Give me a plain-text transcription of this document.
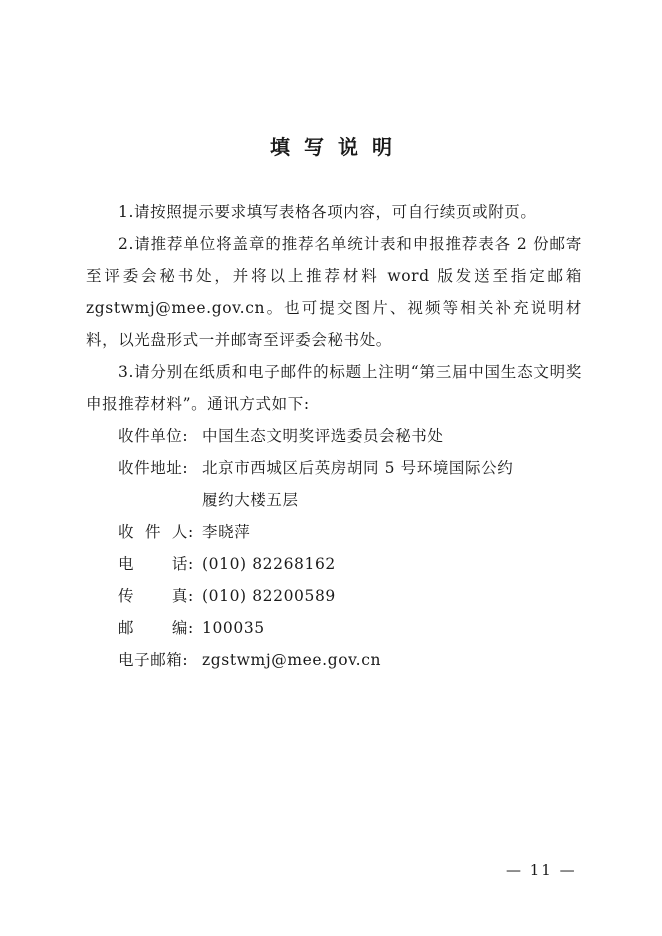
填写说明

1.请按照提示要求填写表格各项内容，可自行续页或附页。

2.请推荐单位将盖章的推荐名单统计表和申报推荐表各 2 份邮寄至评委会秘书处，并将以上推荐材料 word 版发送至指定邮箱 zgstwmj@mee.gov.cn。也可提交图片、视频等相关补充说明材料，以光盘形式一并邮寄至评委会秘书处。

3.请分别在纸质和电子邮件的标题上注明“第三届中国生态文明奖申报推荐材料”。通讯方式如下:

收件单位: 中国生态文明奖评选委员会秘书处
收件地址: 北京市西城区后英房胡同 5 号环境国际公约
履约大楼五层
收 件 人 : 李晓萍
电 话 : (010) 82268162
传 真 : (010) 82200589
邮 编 : 100035
电子邮箱: zgstwmj@mee.gov.cn
— 11 —
